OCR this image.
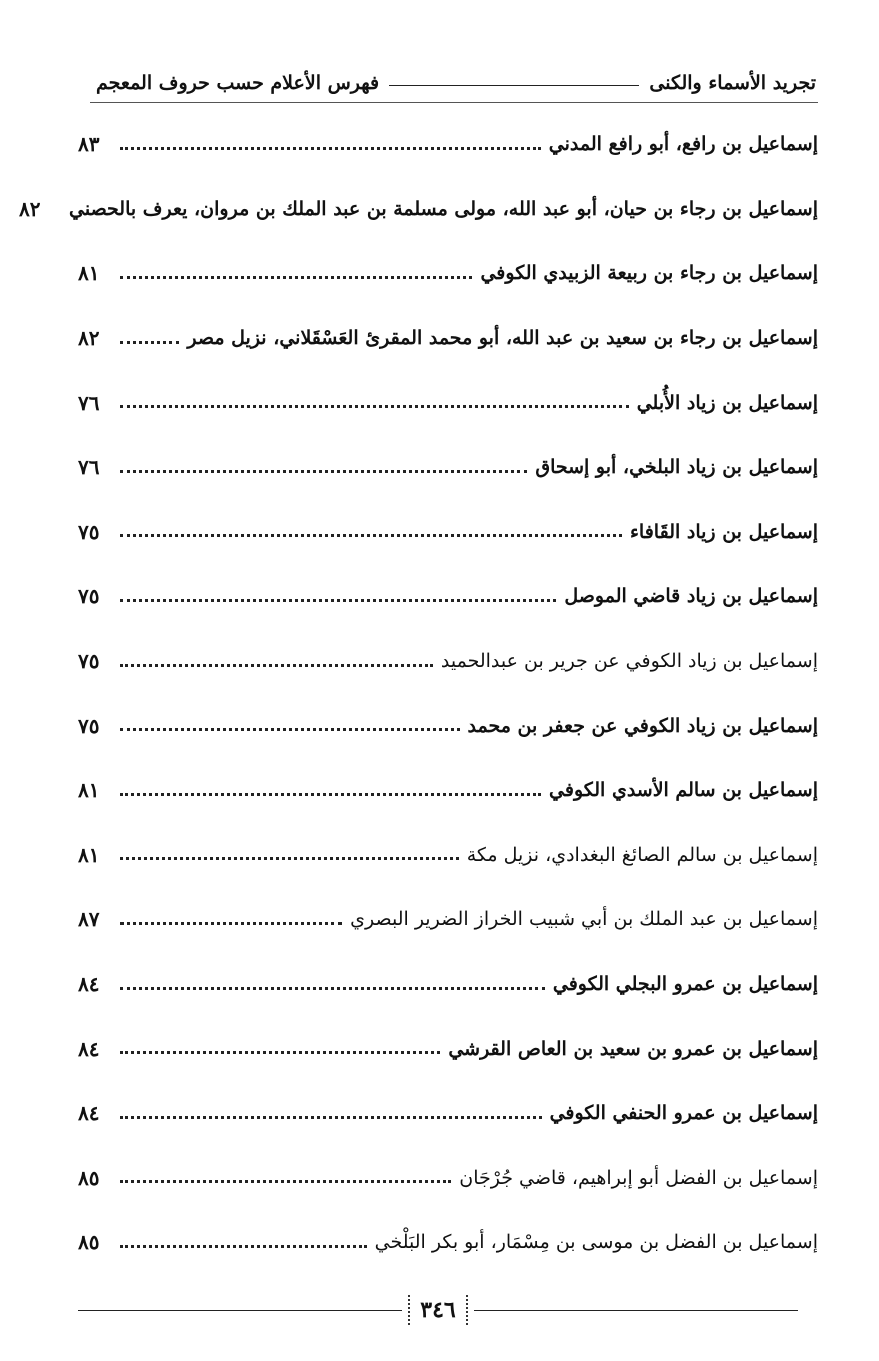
تجريد الأسماء والكنى
فهرس الأعلام حسب حروف المعجم
إسماعيل بن رافع، أبو رافع المدني
٨٣
إسماعيل بن رجاء بن حيان، أبو عبد الله، مولى مسلمة بن عبد الملك بن مروان، يعرف بالحصني
٨٢
إسماعيل بن رجاء بن ربيعة الزبيدي الكوفي
٨١
إسماعيل بن رجاء بن سعيد بن عبد الله، أبو محمد المقرئ العَسْقَلاني، نزيل مصر
٨٢
إسماعيل بن زياد الأُبلي
٧٦
إسماعيل بن زياد البلخي، أبو إسحاق
٧٦
إسماعيل بن زياد القَافاء
٧٥
إسماعيل بن زياد قاضي الموصل
٧٥
إسماعيل بن زياد الكوفي عن جرير بن عبدالحميد
٧٥
إسماعيل بن زياد الكوفي عن جعفر بن محمد
٧٥
إسماعيل بن سالم الأسدي الكوفي
٨١
إسماعيل بن سالم الصائغ البغدادي، نزيل مكة
٨١
إسماعيل بن عبد الملك بن أبي شبيب الخراز الضرير البصري
٨٧
إسماعيل بن عمرو البجلي الكوفي
٨٤
إسماعيل بن عمرو بن سعيد بن العاص القرشي
٨٤
إسماعيل بن عمرو الحنفي الكوفي
٨٤
إسماعيل بن الفضل أبو إبراهيم، قاضي جُرْجَان
٨٥
إسماعيل بن الفضل بن موسى بن مِسْمَار، أبو بكر البَلْخي
٨٥
٣٤٦
